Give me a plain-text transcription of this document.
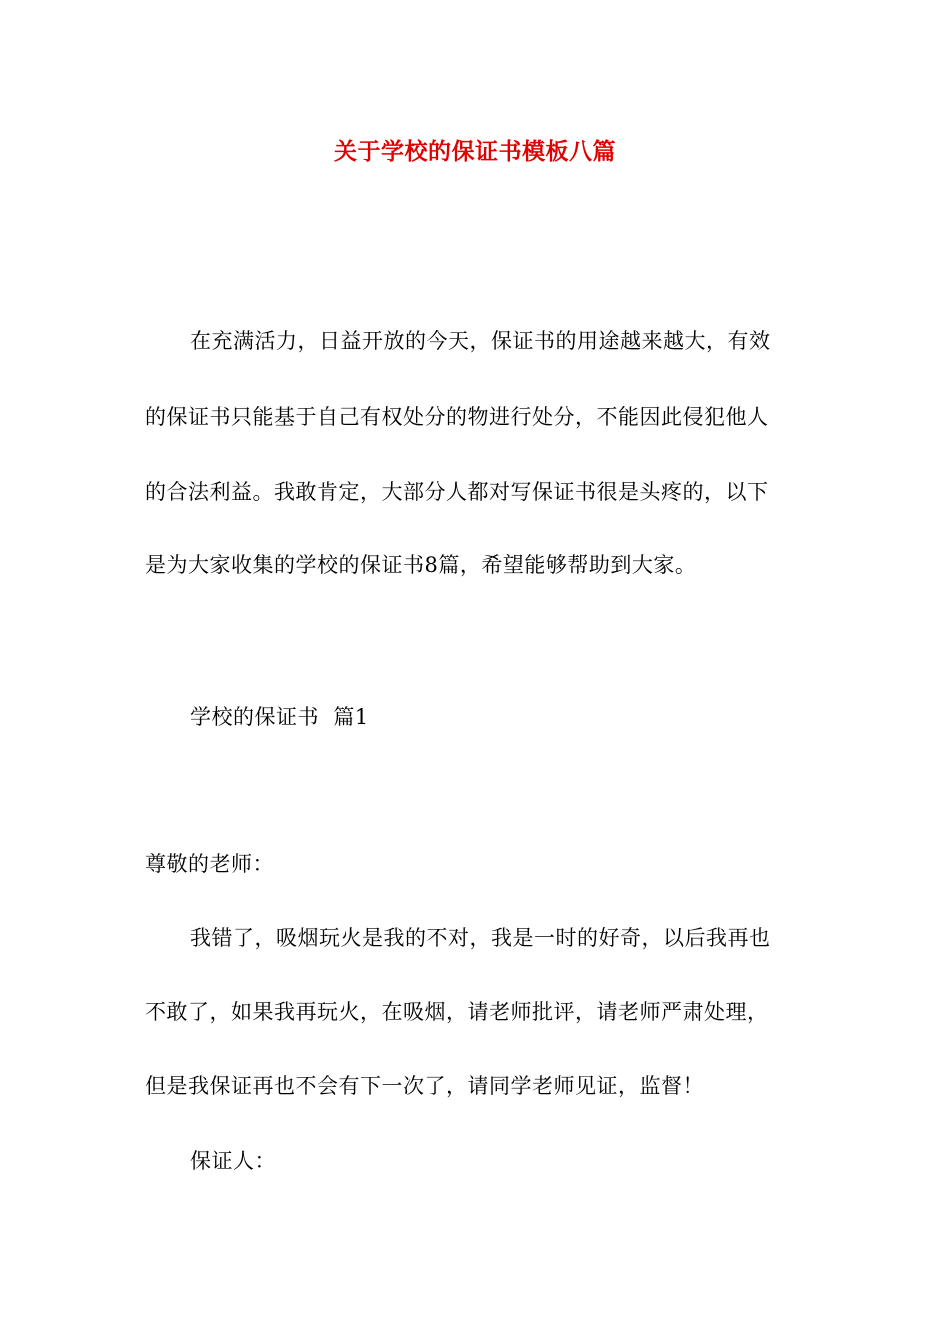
关于学校的保证书模板八篇
在充满活力，日益开放的今天，保证书的用途越来越大，有效
的保证书只能基于自己有权处分的物进行处分，不能因此侵犯他人
的合法利益。我敢肯定，大部分人都对写保证书很是头疼的，以下
是为大家收集的学校的保证书8篇，希望能够帮助到大家。
学校的保证书  篇1
尊敬的老师：
我错了，吸烟玩火是我的不对，我是一时的好奇，以后我再也
不敢了，如果我再玩火，在吸烟，请老师批评，请老师严肃处理，
但是我保证再也不会有下一次了，请同学老师见证，监督！
保证人：
